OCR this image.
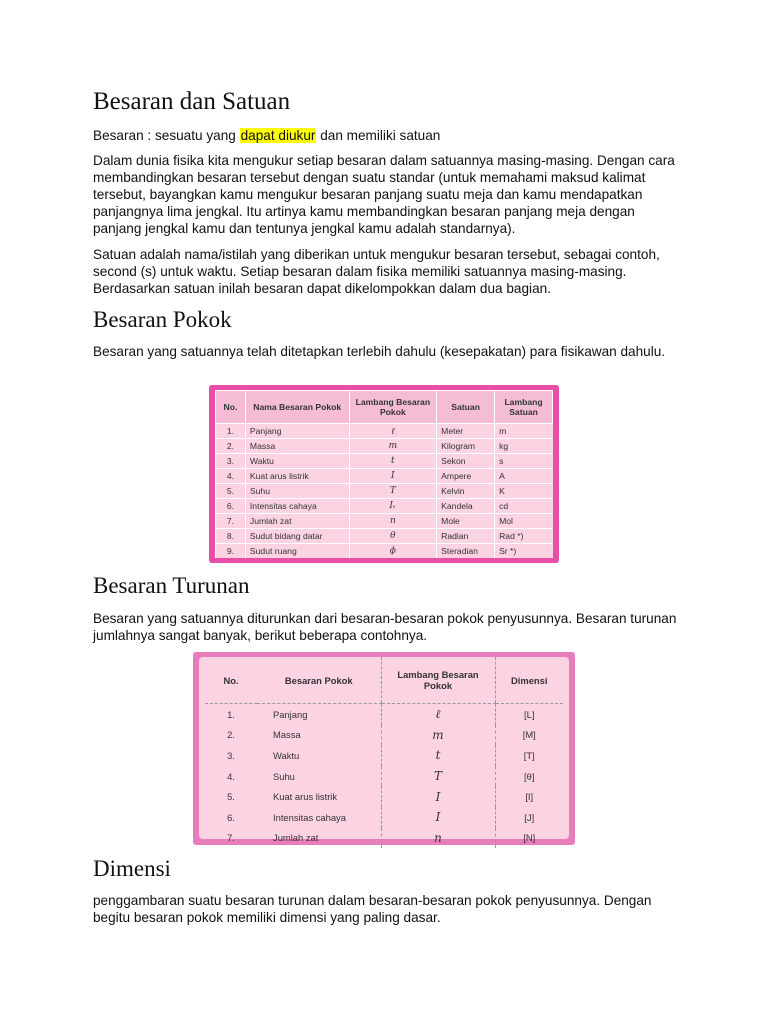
Besaran dan Satuan

Besaran : sesuatu yang dapat diukur dan memiliki satuan

Dalam dunia fisika kita mengukur setiap besaran dalam satuannya masing-masing. Dengan cara membandingkan besaran tersebut dengan suatu standar (untuk memahami maksud kalimat tersebut, bayangkan kamu mengukur besaran panjang suatu meja dan kamu mendapatkan panjangnya lima jengkal. Itu artinya kamu membandingkan besaran panjang meja dengan panjang jengkal kamu dan tentunya jengkal kamu adalah standarnya).

Satuan adalah nama/istilah yang diberikan untuk mengukur besaran tersebut, sebagai contoh, second (s) untuk waktu. Setiap besaran dalam fisika memiliki satuannya masing-masing. Berdasarkan satuan inilah besaran dapat dikelompokkan dalam dua bagian.

Besaran Pokok

Besaran yang satuannya telah ditetapkan terlebih dahulu (kesepakatan) para fisikawan dahulu.

Besaran Turunan

Besaran yang satuannya diturunkan dari besaran-besaran pokok penyusunnya. Besaran turunan jumlahnya sangat banyak, berikut beberapa contohnya.

Dimensi

penggambaran suatu besaran turunan dalam besaran-besaran pokok penyusunnya. Dengan begitu besaran pokok memiliki dimensi yang paling dasar.

No.	Nama Besaran Pokok	Lambang Besaran Pokok	Satuan	Lambang Satuan
1.	Panjang	ℓ	Meter	m
2.	Massa	m	Kilogram	kg
3.	Waktu	t	Sekon	s
4.	Kuat arus listrik	I	Ampere	A
5.	Suhu	T	Kelvin	K
6.	Intensitas cahaya	Iᵥ	Kandela	cd
7.	Jumlah zat	n	Mole	Mol
8.	Sudut bidang datar	θ	Radian	Rad *)
9.	Sudut ruang	ϕ	Steradian	Sr *)
No.	Besaran Pokok	Lambang Besaran Pokok	Dimensi
1.	Panjang	ℓ	[L]
2.	Massa	m	[M]
3.	Waktu	t	[T]
4.	Suhu	T	[θ]
5.	Kuat arus listrik	I	[I]
6.	Intensitas cahaya	I	[J]
7.	Jumlah zat	n	[N]
